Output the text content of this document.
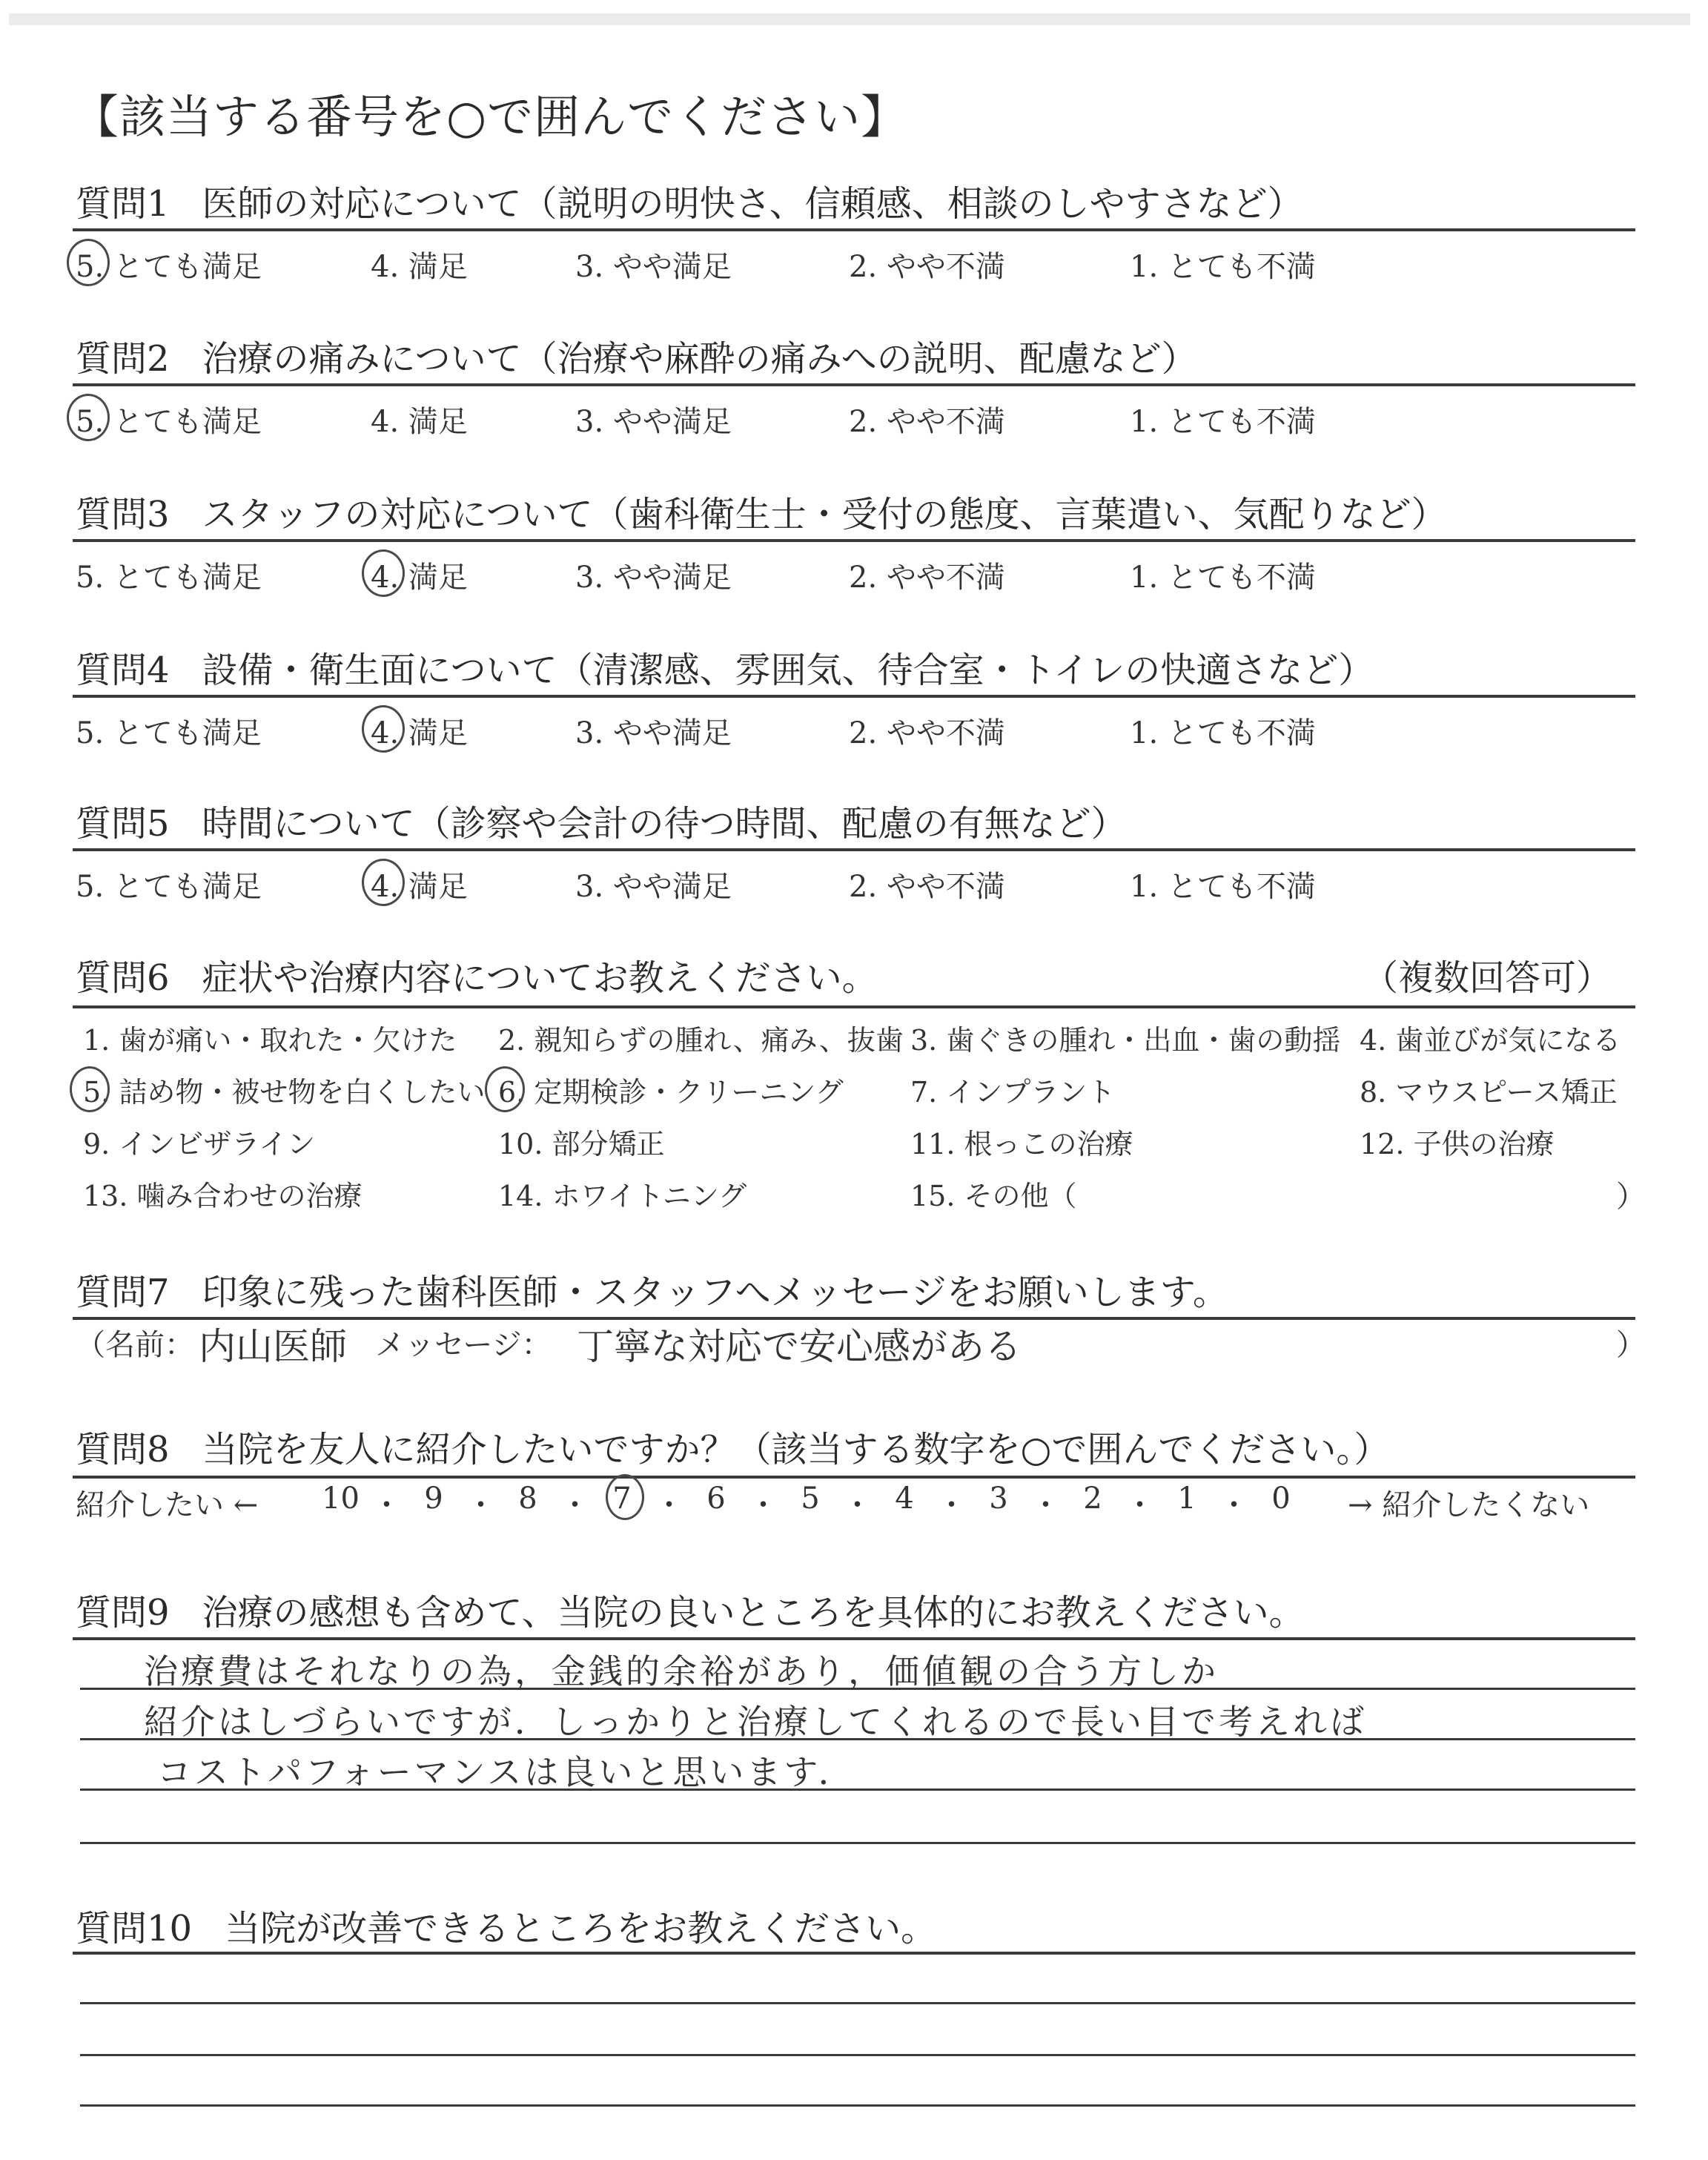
【該当する番号を○で囲んでください】
質問1 医師の対応について（説明の明快さ、信頼感、相談のしやすさなど）
5. とても満足	4. 満足	3. やや満足	2. やや不満	1. とても不満
質問2 治療の痛みについて（治療や麻酔の痛みへの説明、配慮など）
5. とても満足	4. 満足	3. やや満足	2. やや不満	1. とても不満
質問3 スタッフの対応について（歯科衛生士・受付の態度、言葉遣い、気配りなど）
5. とても満足	4. 満足	3. やや満足	2. やや不満	1. とても不満
質問4 設備・衛生面について（清潔感、雰囲気、待合室・トイレの快適さなど）
5. とても満足	4. 満足	3. やや満足	2. やや不満	1. とても不満
質問5 時間について（診察や会計の待つ時間、配慮の有無など）
5. とても満足	4. 満足	3. やや満足	2. やや不満	1. とても不満
質問6 症状や治療内容についてお教えください。	（複数回答可）
1. 歯が痛い・取れた・欠けた 2. 親知らずの腫れ、痛み、抜歯 3. 歯ぐきの腫れ・出血・歯の動揺 4. 歯並びが気になる
5. 詰め物・被せ物を白くしたい 6. 定期検診・クリーニング 7. インプラント	8. マウスピース矯正
9. インビザライン	10. 部分矯正	11. 根っこの治療	12. 子供の治療
13. 噛み合わせの治療	14. ホワイトニング	15. その他（	）
質問7 印象に残った歯科医師・スタッフへメッセージをお願いします。
（名前： 内山医師 メッセージ： 丁寧な対応で安心感がある	）
質問8 当院を友人に紹介したいですか？（該当する数字を○で囲んでください。）
紹介したい ← 10 ・ 9 ・ 8 ・ 7 ・ 6 ・ 5 ・ 4 ・ 3 ・ 2 ・ 1 ・ 0 → 紹介したくない
質問9 治療の感想も含めて、当院の良いところを具体的にお教えください。
治療費はそれなりの為，金銭的余裕があり，価値観の合う方しか
紹介はしづらいですが．しっかりと治療してくれるので長い目で考えれば
コストパフォーマンスは良いと思います．
質問10 当院が改善できるところをお教えください。
